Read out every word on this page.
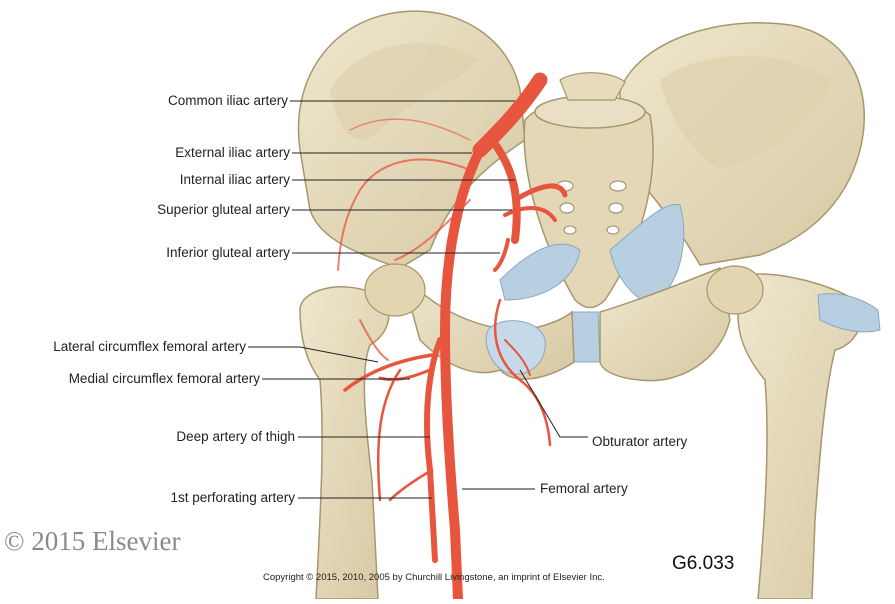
Common iliac artery
External iliac artery
Internal iliac artery
Superior gluteal artery
Inferior gluteal artery
Lateral circumflex femoral artery
Medial circumflex femoral artery
Deep artery of thigh
1st perforating artery
Obturator artery
Femoral artery
© 2015 Elsevier
G6.033
Copyright © 2015, 2010, 2005 by Churchill Livingstone, an imprint of Elsevier Inc.
